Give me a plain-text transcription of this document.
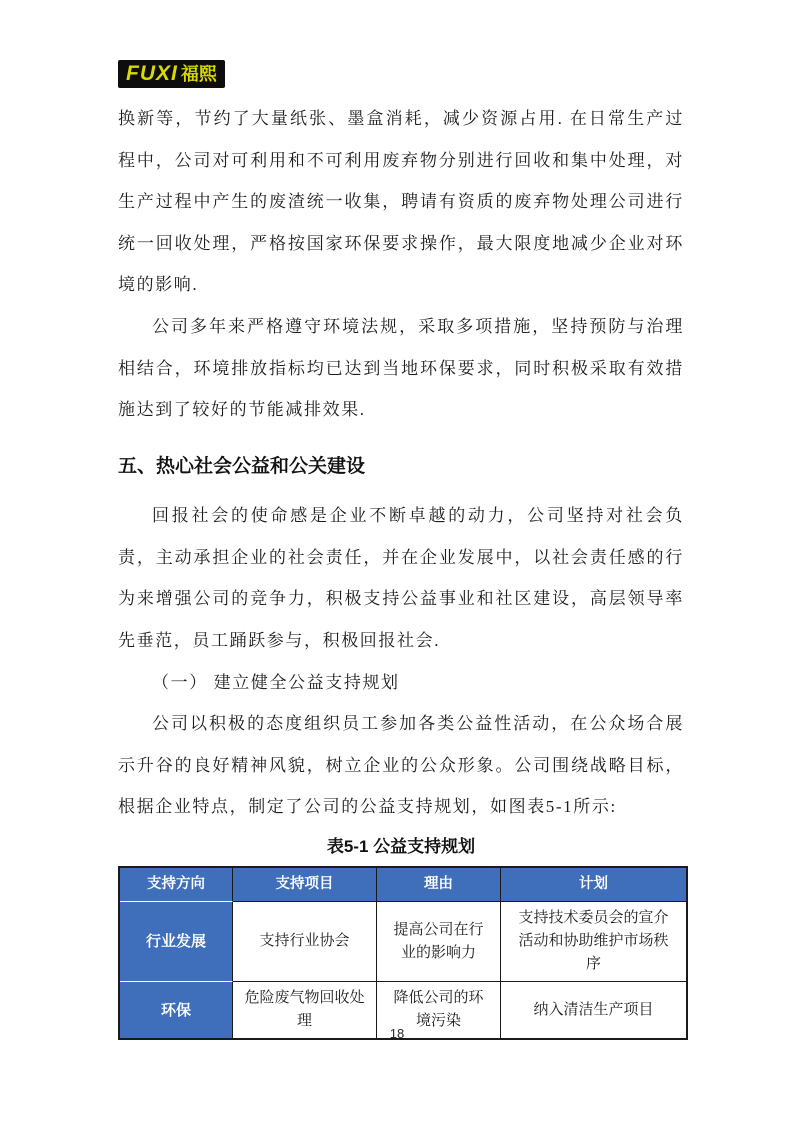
FUXI 福熙

换新等，节约了大量纸张、墨盒消耗，减少资源占用. 在日常生产过程中，公司对可利用和不可利用废弃物分别进行回收和集中处理，对生产过程中产生的废渣统一收集，聘请有资质的废弃物处理公司进行统一回收处理，严格按国家环保要求操作，最大限度地减少企业对环境的影响.

公司多年来严格遵守环境法规，采取多项措施，坚持预防与治理相结合，环境排放指标均已达到当地环保要求，同时积极采取有效措施达到了较好的节能减排效果.

五、热心社会公益和公关建设

回报社会的使命感是企业不断卓越的动力，公司坚持对社会负责，主动承担企业的社会责任，并在企业发展中，以社会责任感的行为来增强公司的竞争力，积极支持公益事业和社区建设，高层领导率先垂范，员工踊跃参与，积极回报社会.

（一） 建立健全公益支持规划

公司以积极的态度组织员工参加各类公益性活动，在公众场合展示升谷的良好精神风貌，树立企业的公众形象。公司围绕战略目标，根据企业特点，制定了公司的公益支持规划，如图表5-1所示:

表5-1 公益支持规划
支持方向	支持项目	理由	计划
行业发展	支持行业协会	提高公司在行业的影响力	支持技术委员会的宣介活动和协助维护市场秩序
环保	危险废气物回收处理	降低公司的环境污染	纳入清洁生产项目
18
